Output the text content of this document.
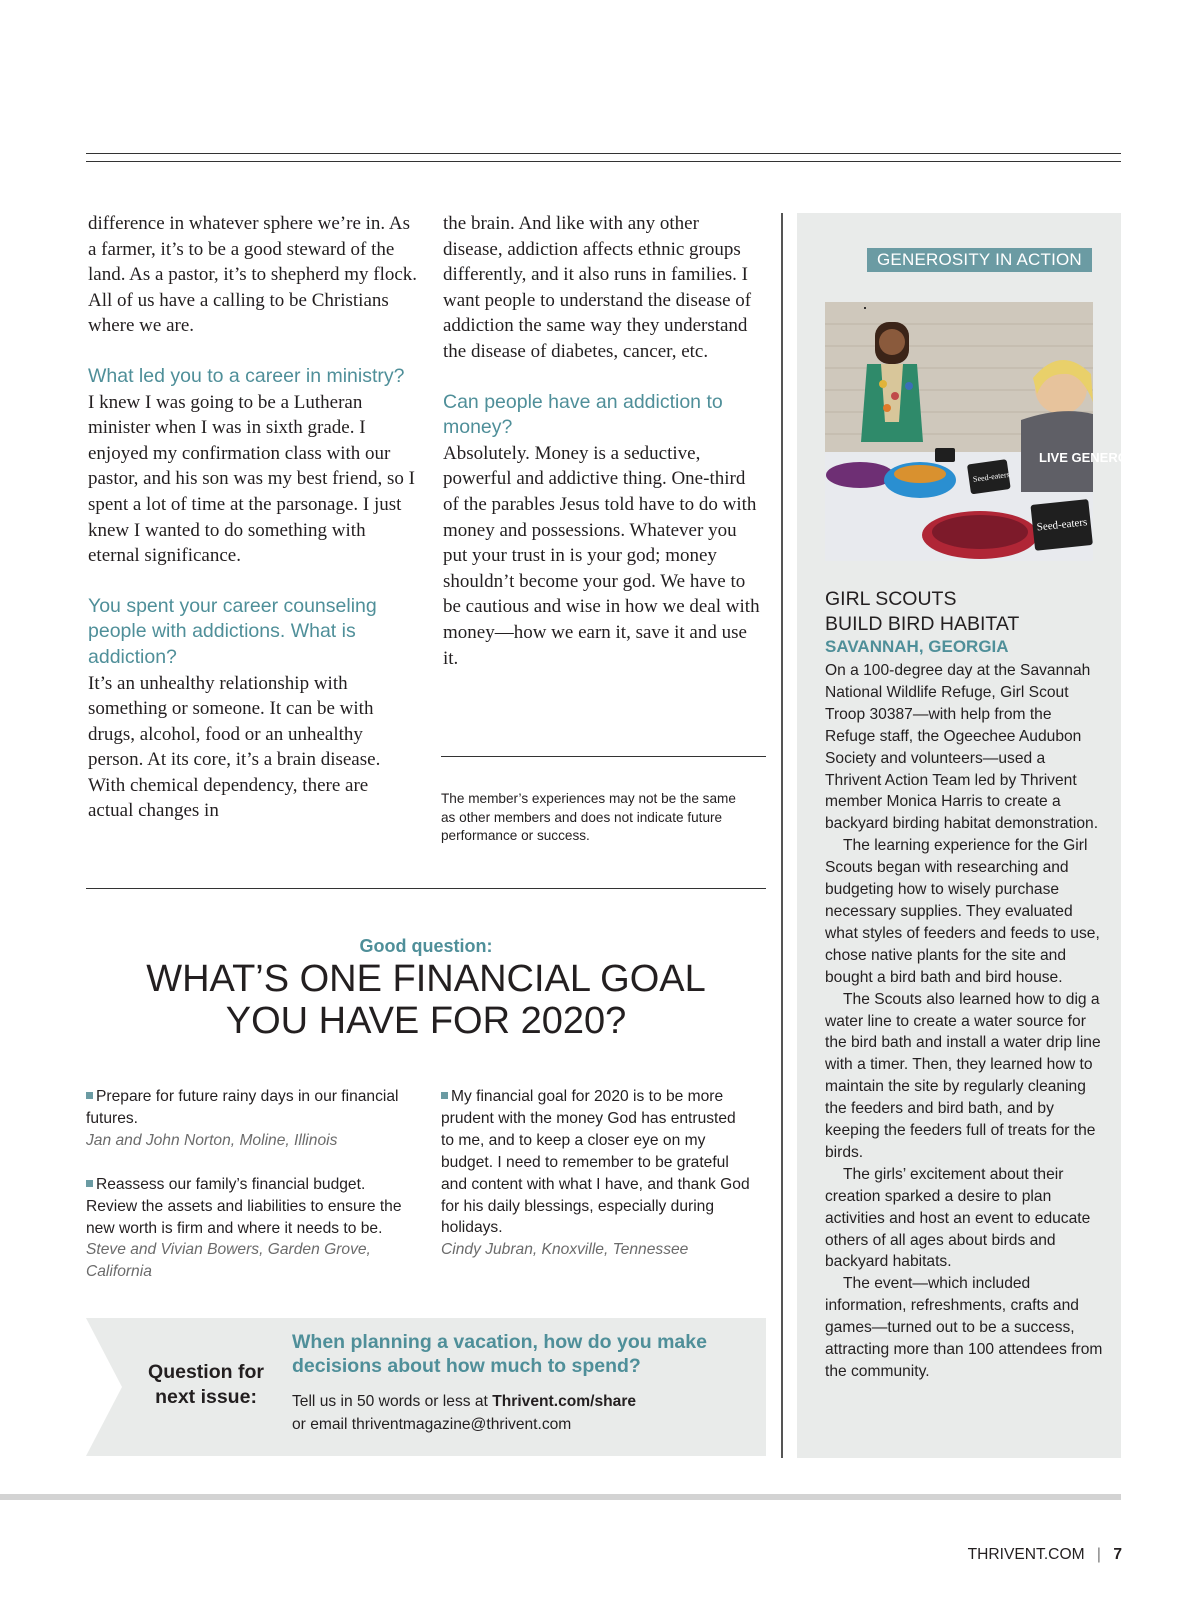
difference in whatever sphere we’re in. As a farmer, it’s to be a good steward of the land. As a pastor, it’s to shepherd my flock. All of us have a calling to be Christians where we are.

What led you to a career in ministry?

I knew I was going to be a Lutheran minister when I was in sixth grade. I enjoyed my confirmation class with our pastor, and his son was my best friend, so I spent a lot of time at the parsonage. I just knew I wanted to do something with eternal significance.

You spent your career counseling people with addictions. What is addiction?

It’s an unhealthy relationship with something or someone. It can be with drugs, alcohol, food or an unhealthy person. At its core, it’s a brain disease. With chemical dependency, there are actual changes in

the brain. And like with any other disease, addiction affects ethnic groups differently, and it also runs in families. I want people to understand the disease of addiction the same way they understand the disease of diabetes, cancer, etc.

Can people have an addiction to money?

Absolutely. Money is a seductive, powerful and addictive thing. One-third of the parables Jesus told have to do with money and possessions. Whatever you put your trust in is your god; money shouldn’t become your god. We have to be cautious and wise in how we deal with money—how we earn it, save it and use it.

The member’s experiences may not be the same as other members and does not indicate future performance or success.
Good question:
WHAT’S ONE FINANCIAL GOAL
YOU HAVE FOR 2020?

Prepare for future rainy days in our financial futures.

Jan and John Norton, Moline, Illinois

Reassess our family’s financial budget. Review the assets and liabilities to ensure the new worth is firm and where it needs to be.

Steve and Vivian Bowers, Garden Grove, California

My financial goal for 2020 is to be more prudent with the money God has entrusted to me, and to keep a closer eye on my budget. I need to remember to be grateful and content with what I have, and thank God for his daily blessings, especially during holidays.

Cindy Jubran, Knoxville, Tennessee

Question for
next issue:
When planning a vacation, how do you make decisions about how much to spend?
Tell us in 50 words or less at Thrivent.com/share
or email thriventmagazine@thrivent.com
GENEROSITY IN ACTION
LIVE GENEROUSLY
Seed-eaters
Seed-eaters
GIRL SCOUTS
BUILD BIRD HABITAT
SAVANNAH, GEORGIA

On a 100-degree day at the Savannah National Wildlife Refuge, Girl Scout Troop 30387—with help from the Refuge staff, the Ogeechee Audubon Society and volunteers—used a Thrivent Action Team led by Thrivent member Monica Harris to create a backyard birding habitat demonstration.

The learning experience for the Girl Scouts began with researching and budgeting how to wisely purchase necessary supplies. They evaluated what styles of feeders and feeds to use, chose native plants for the site and bought a bird bath and bird house.

The Scouts also learned how to dig a water line to create a water source for the bird bath and install a water drip line with a timer. Then, they learned how to maintain the site by regularly cleaning the feeders and bird bath, and by keeping the feeders full of treats for the birds.

The girls’ excitement about their creation sparked a desire to plan activities and host an event to educate others of all ages about birds and backyard habitats.

The event—which included information, refreshments, crafts and games—turned out to be a success, attracting more than 100 attendees from the community.

THRIVENT.COM | 7
